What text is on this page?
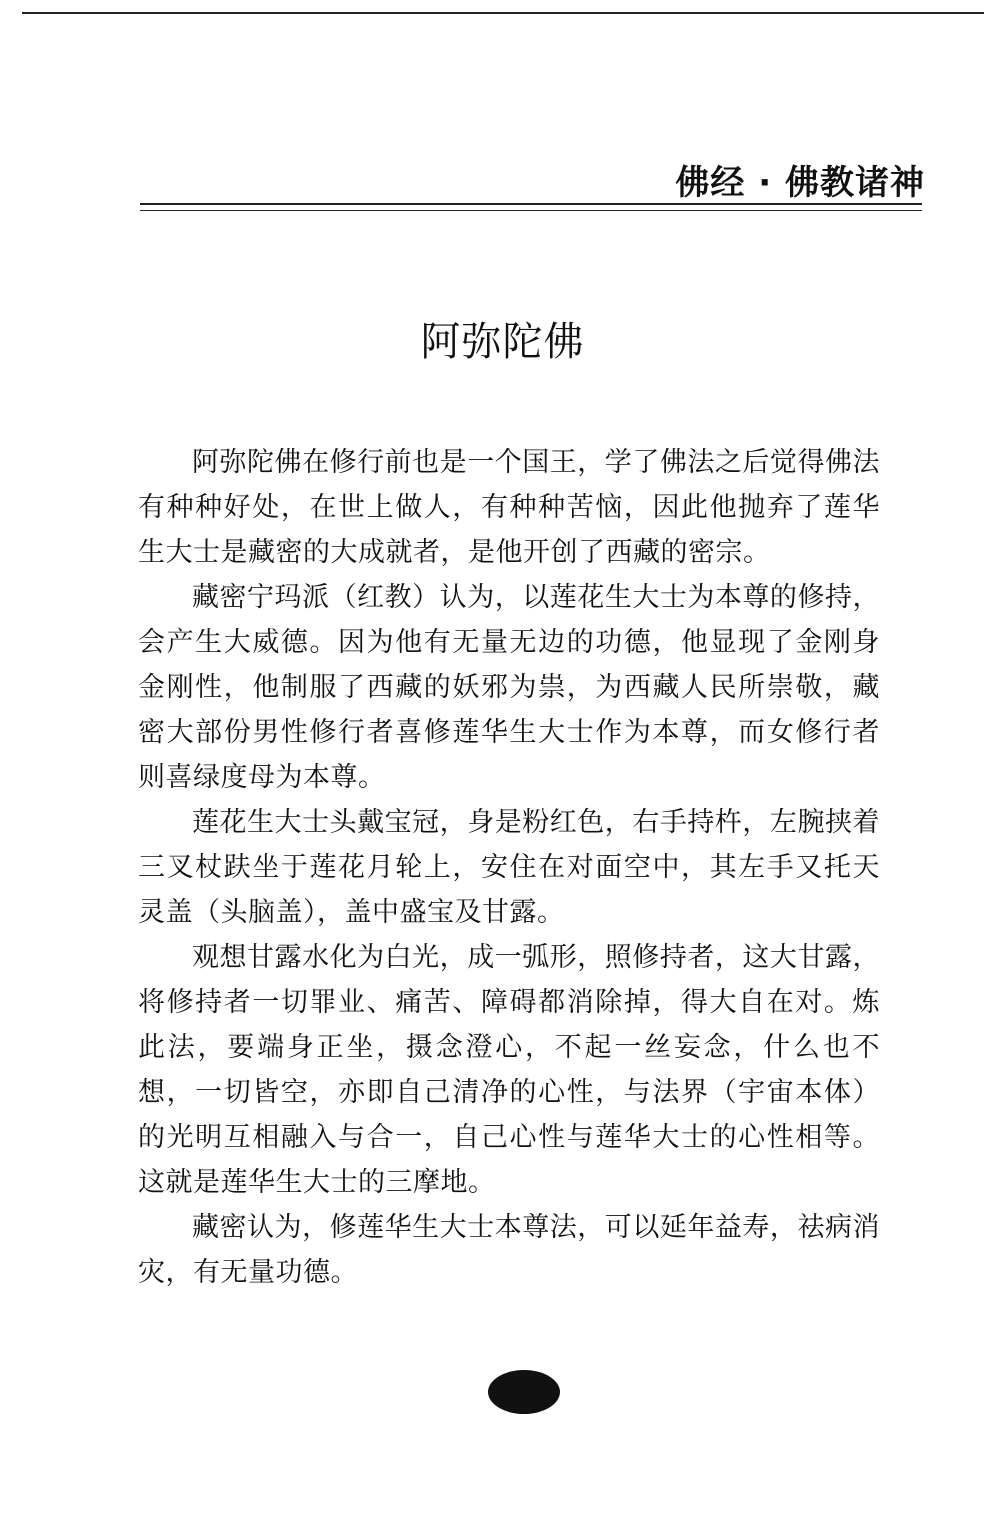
佛经 · 佛教诸神
阿弥陀佛

阿弥陀佛在修行前也是一个国王，学了佛法之后觉得佛法有种种好处，在世上做人，有种种苦恼，因此他抛弃了莲华生大士是藏密的大成就者，是他开创了西藏的密宗。

藏密宁玛派（红教）认为，以莲花生大士为本尊的修持，会产生大威德。因为他有无量无边的功德，他显现了金刚身金刚性，他制服了西藏的妖邪为祟，为西藏人民所崇敬，藏密大部份男性修行者喜修莲华生大士作为本尊，而女修行者则喜绿度母为本尊。

莲花生大士头戴宝冠，身是粉红色，右手持杵，左腕挟着三叉杖趺坐于莲花月轮上，安住在对面空中，其左手又托天灵盖（头脑盖），盖中盛宝及甘露。

观想甘露水化为白光，成一弧形，照修持者，这大甘露，将修持者一切罪业、痛苦、障碍都消除掉，得大自在对。炼此法，要端身正坐，摄念澄心，不起一丝妄念，什么也不想，一切皆空，亦即自己清净的心性，与法界（宇宙本体）的光明互相融入与合一，自己心性与莲华大士的心性相等。这就是莲华生大士的三摩地。

藏密认为，修莲华生大士本尊法，可以延年益寿，祛病消灾，有无量功德。
